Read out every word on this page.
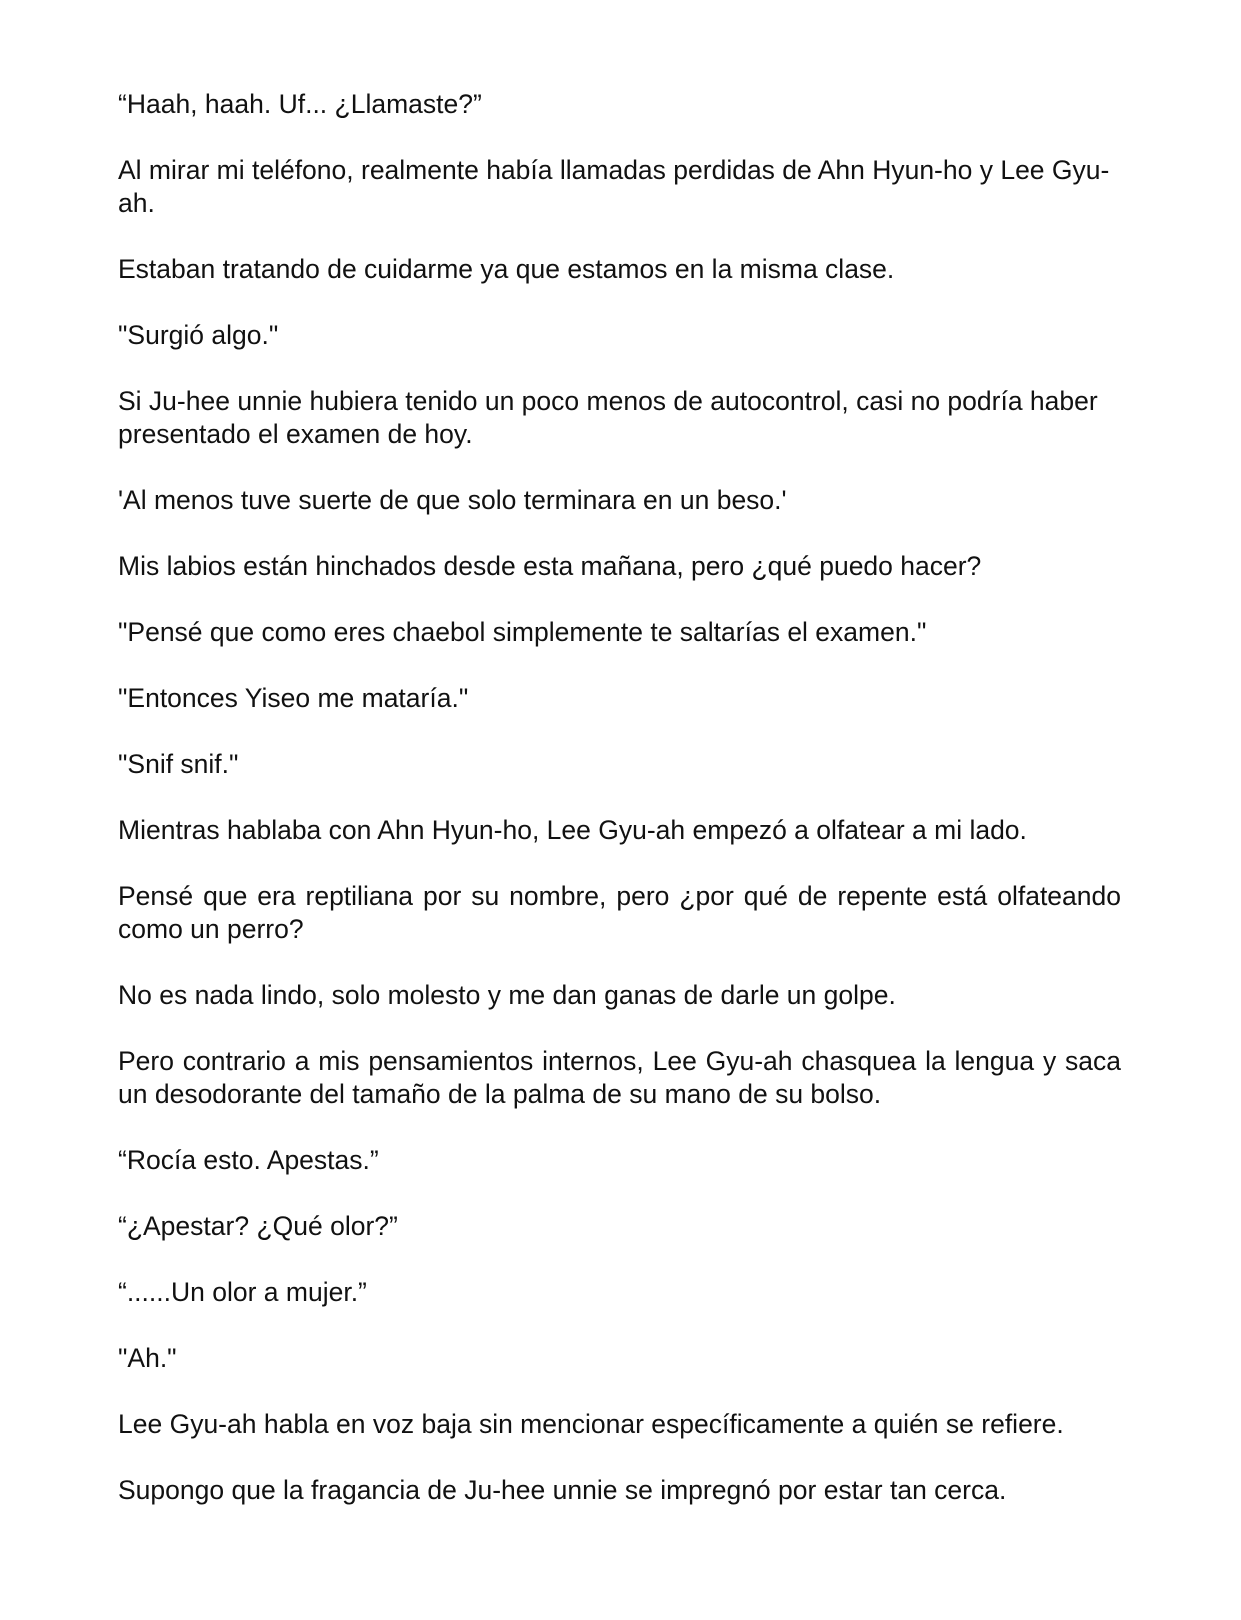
“Haah, haah. Uf... ¿Llamaste?”

Al mirar mi teléfono, realmente había llamadas perdidas de Ahn Hyun-ho y Lee Gyu-ah.

Estaban tratando de cuidarme ya que estamos en la misma clase.

"Surgió algo."

Si Ju-hee unnie hubiera tenido un poco menos de autocontrol, casi no podría haber presentado el examen de hoy.

'Al menos tuve suerte de que solo terminara en un beso.'

Mis labios están hinchados desde esta mañana, pero ¿qué puedo hacer?

"Pensé que como eres chaebol simplemente te saltarías el examen."

"Entonces Yiseo me mataría."

"Snif snif."

Mientras hablaba con Ahn Hyun-ho, Lee Gyu-ah empezó a olfatear a mi lado.

Pensé que era reptiliana por su nombre, pero ¿por qué de repente está olfateando como un perro?

No es nada lindo, solo molesto y me dan ganas de darle un golpe.

Pero contrario a mis pensamientos internos, Lee Gyu-ah chasquea la lengua y saca un desodorante del tamaño de la palma de su mano de su bolso.

“Rocía esto. Apestas.”

“¿Apestar? ¿Qué olor?”

“......Un olor a mujer.”

"Ah."

Lee Gyu-ah habla en voz baja sin mencionar específicamente a quién se refiere.

Supongo que la fragancia de Ju-hee unnie se impregnó por estar tan cerca.
